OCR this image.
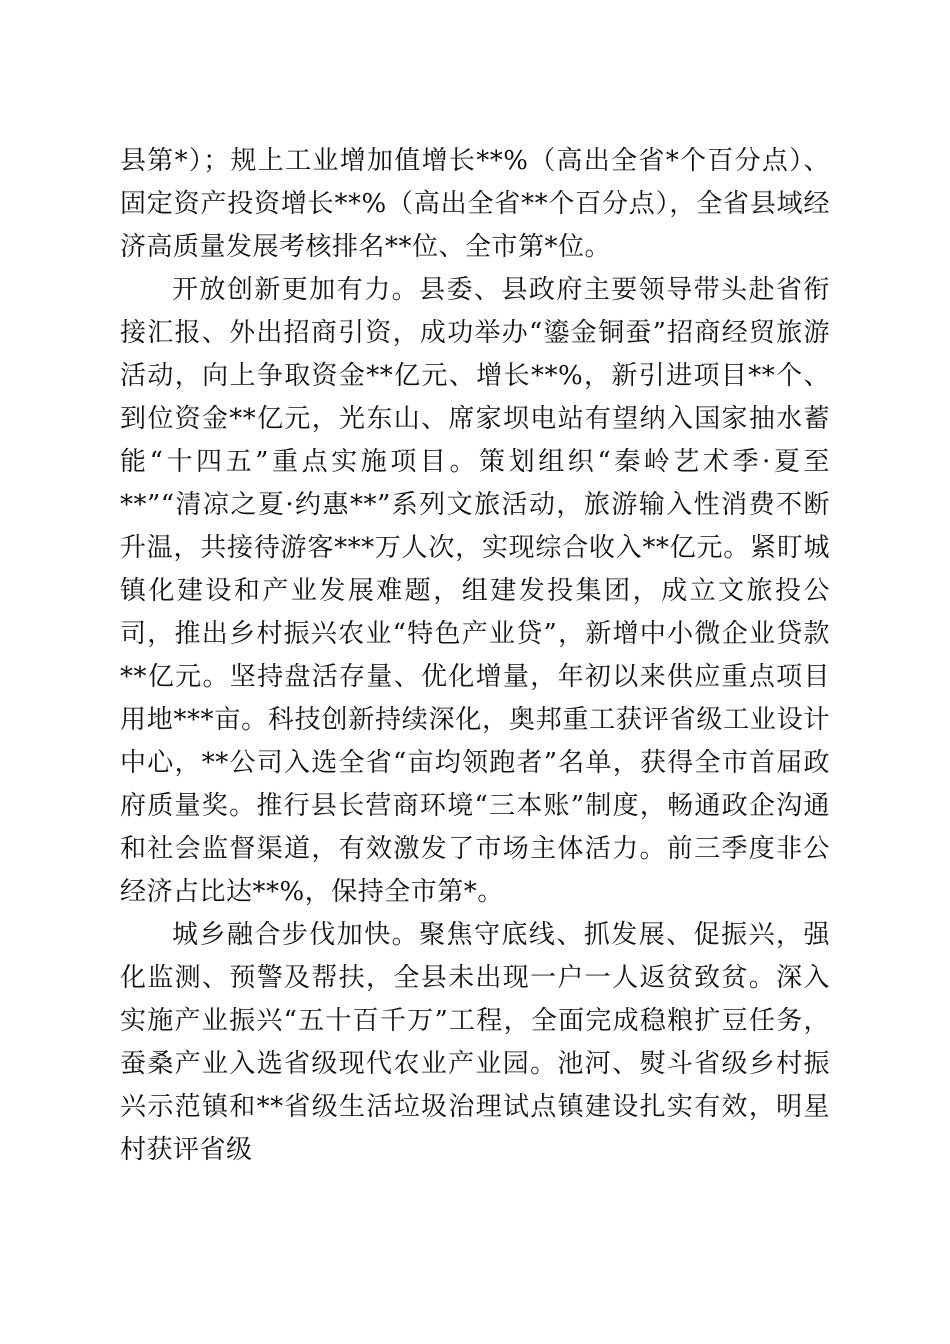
县第*）；规上工业增加值增长**%（高出全省*个百分点）、固定资产投资增长**%（高出全省**个百分点），全省县域经济高质量发展考核排名**位、全市第*位。

开放创新更加有力。县委、县政府主要领导带头赴省衔接汇报、外出招商引资，成功举办“鎏金铜蚕”招商经贸旅游活动，向上争取资金**亿元、增长**%，新引进项目**个、到位资金**亿元，光东山、席家坝电站有望纳入国家抽水蓄能“十四五”重点实施项目。策划组织“秦岭艺术季·夏至**”“清凉之夏·约惠**”系列文旅活动，旅游输入性消费不断升温，共接待游客***万人次，实现综合收入**亿元。紧盯城镇化建设和产业发展难题，组建发投集团，成立文旅投公司，推出乡村振兴农业“特色产业贷”，新增中小微企业贷款**亿元。坚持盘活存量、优化增量，年初以来供应重点项目用地***亩。科技创新持续深化，奥邦重工获评省级工业设计中心，**公司入选全省“亩均领跑者”名单，获得全市首届政府质量奖。推行县长营商环境“三本账”制度，畅通政企沟通和社会监督渠道，有效激发了市场主体活力。前三季度非公经济占比达**%，保持全市第*。

城乡融合步伐加快。聚焦守底线、抓发展、促振兴，强化监测、预警及帮扶，全县未出现一户一人返贫致贫。深入实施产业振兴“五十百千万”工程，全面完成稳粮扩豆任务，蚕桑产业入选省级现代农业产业园。池河、熨斗省级乡村振兴示范镇和**省级生活垃圾治理试点镇建设扎实有效，明星村获评省级
